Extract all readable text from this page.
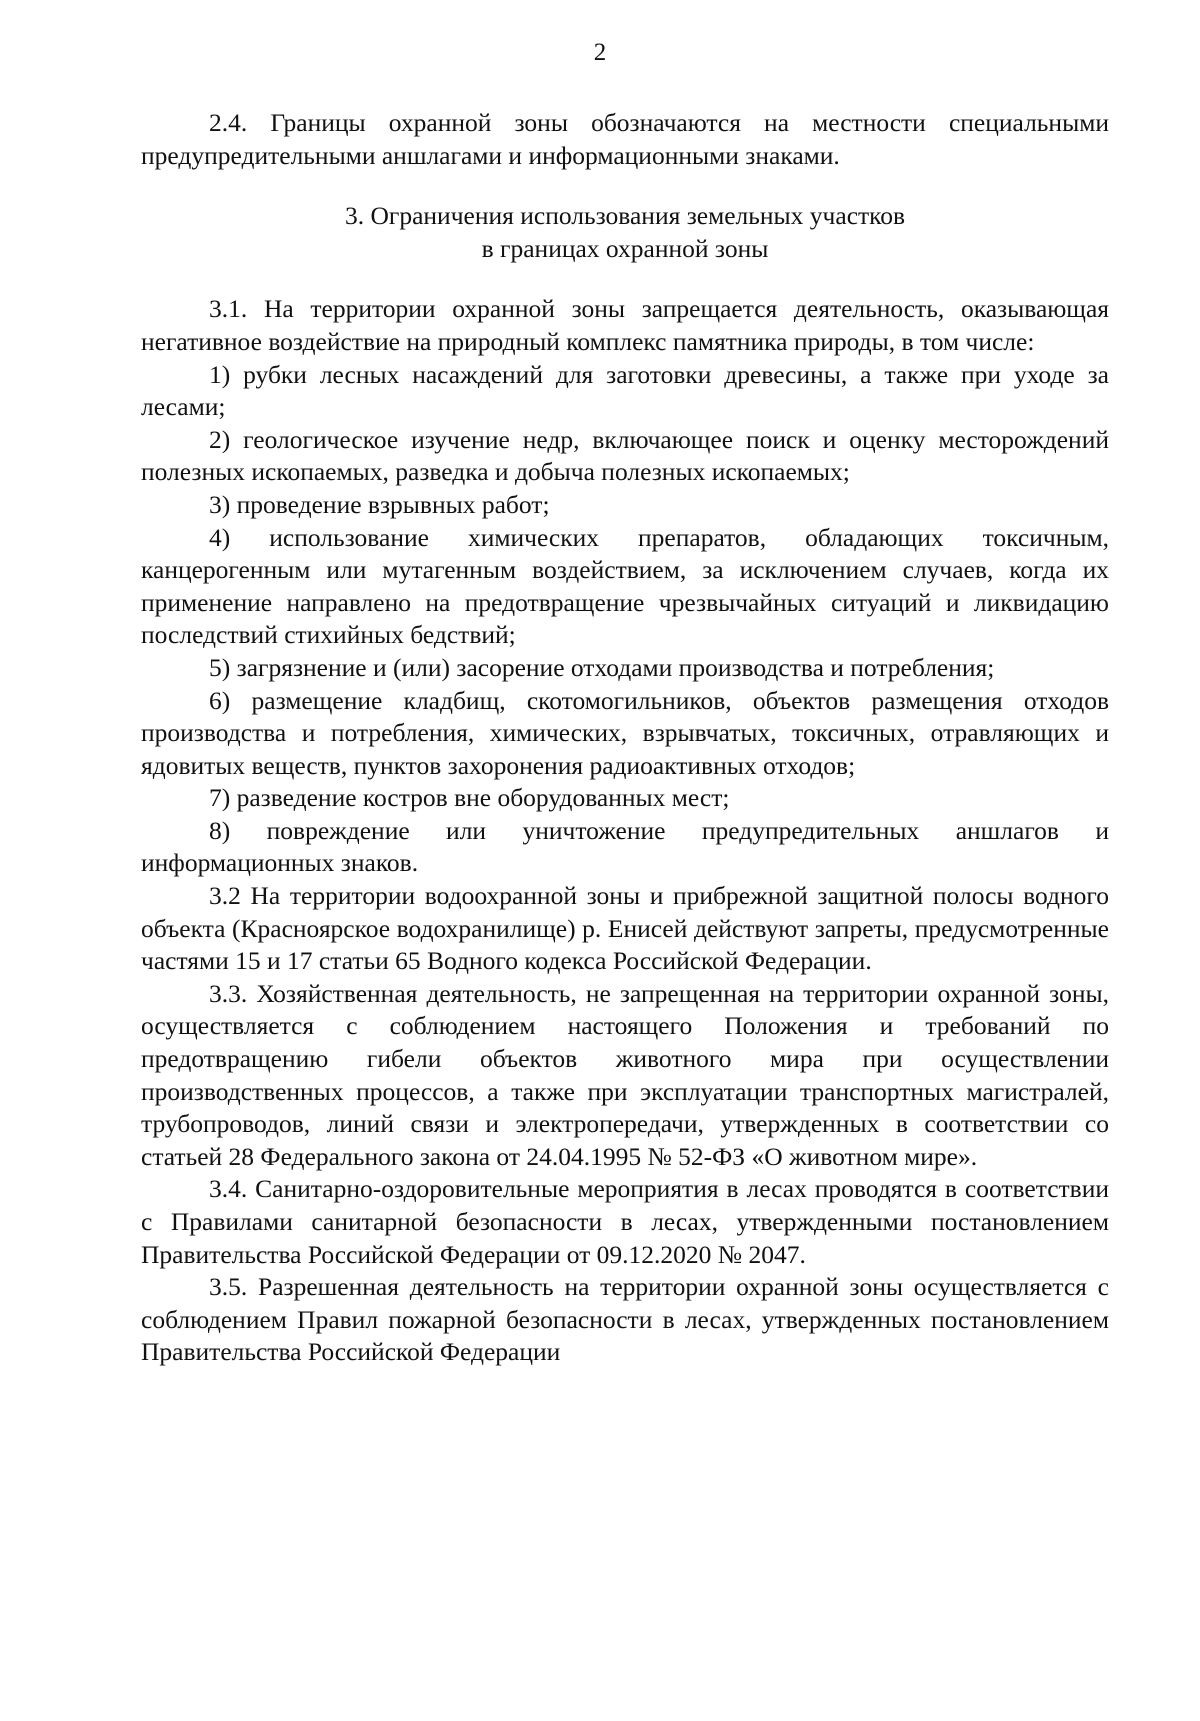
2

2.4. Границы охранной зоны обозначаются на местности специальными предупредительными аншлагами и информационными знаками.

3. Ограничения использования земельных участков
в границах охранной зоны

3.1. На территории охранной зоны запрещается деятельность, оказывающая негативное воздействие на природный комплекс памятника природы, в том числе:

1) рубки лесных насаждений для заготовки древесины, а также при уходе за лесами;

2) геологическое изучение недр, включающее поиск и оценку месторождений полезных ископаемых, разведка и добыча полезных ископаемых;

3) проведение взрывных работ;

4) использование химических препаратов, обладающих токсичным, канцерогенным или мутагенным воздействием, за исключением случаев, когда их применение направлено на предотвращение чрезвычайных ситуаций и ликвидацию последствий стихийных бедствий;

5) загрязнение и (или) засорение отходами производства и потребления;

6) размещение кладбищ, скотомогильников, объектов размещения отходов производства и потребления, химических, взрывчатых, токсичных, отравляющих и ядовитых веществ, пунктов захоронения радиоактивных отходов;

7) разведение костров вне оборудованных мест;

8) повреждение или уничтожение предупредительных аншлагов и информационных знаков.

3.2 На территории водоохранной зоны и прибрежной защитной полосы водного объекта (Красноярское водохранилище) р. Енисей действуют запреты, предусмотренные частями 15 и 17 статьи 65 Водного кодекса Российской Федерации.

3.3. Хозяйственная деятельность, не запрещенная на территории охранной зоны, осуществляется с соблюдением настоящего Положения и требований по предотвращению гибели объектов животного мира при осуществлении производственных процессов, а также при эксплуатации транспортных магистралей, трубопроводов, линий связи и электропередачи, утвержденных в соответствии со статьей 28 Федерального закона от 24.04.1995 № 52-ФЗ «О животном мире».

3.4. Санитарно-оздоровительные мероприятия в лесах проводятся в соответствии с Правилами санитарной безопасности в лесах, утвержденными постановлением Правительства Российской Федерации от 09.12.2020 № 2047.

3.5. Разрешенная деятельность на территории охранной зоны осуществляется с соблюдением Правил пожарной безопасности в лесах, утвержденных постановлением Правительства Российской Федерации
